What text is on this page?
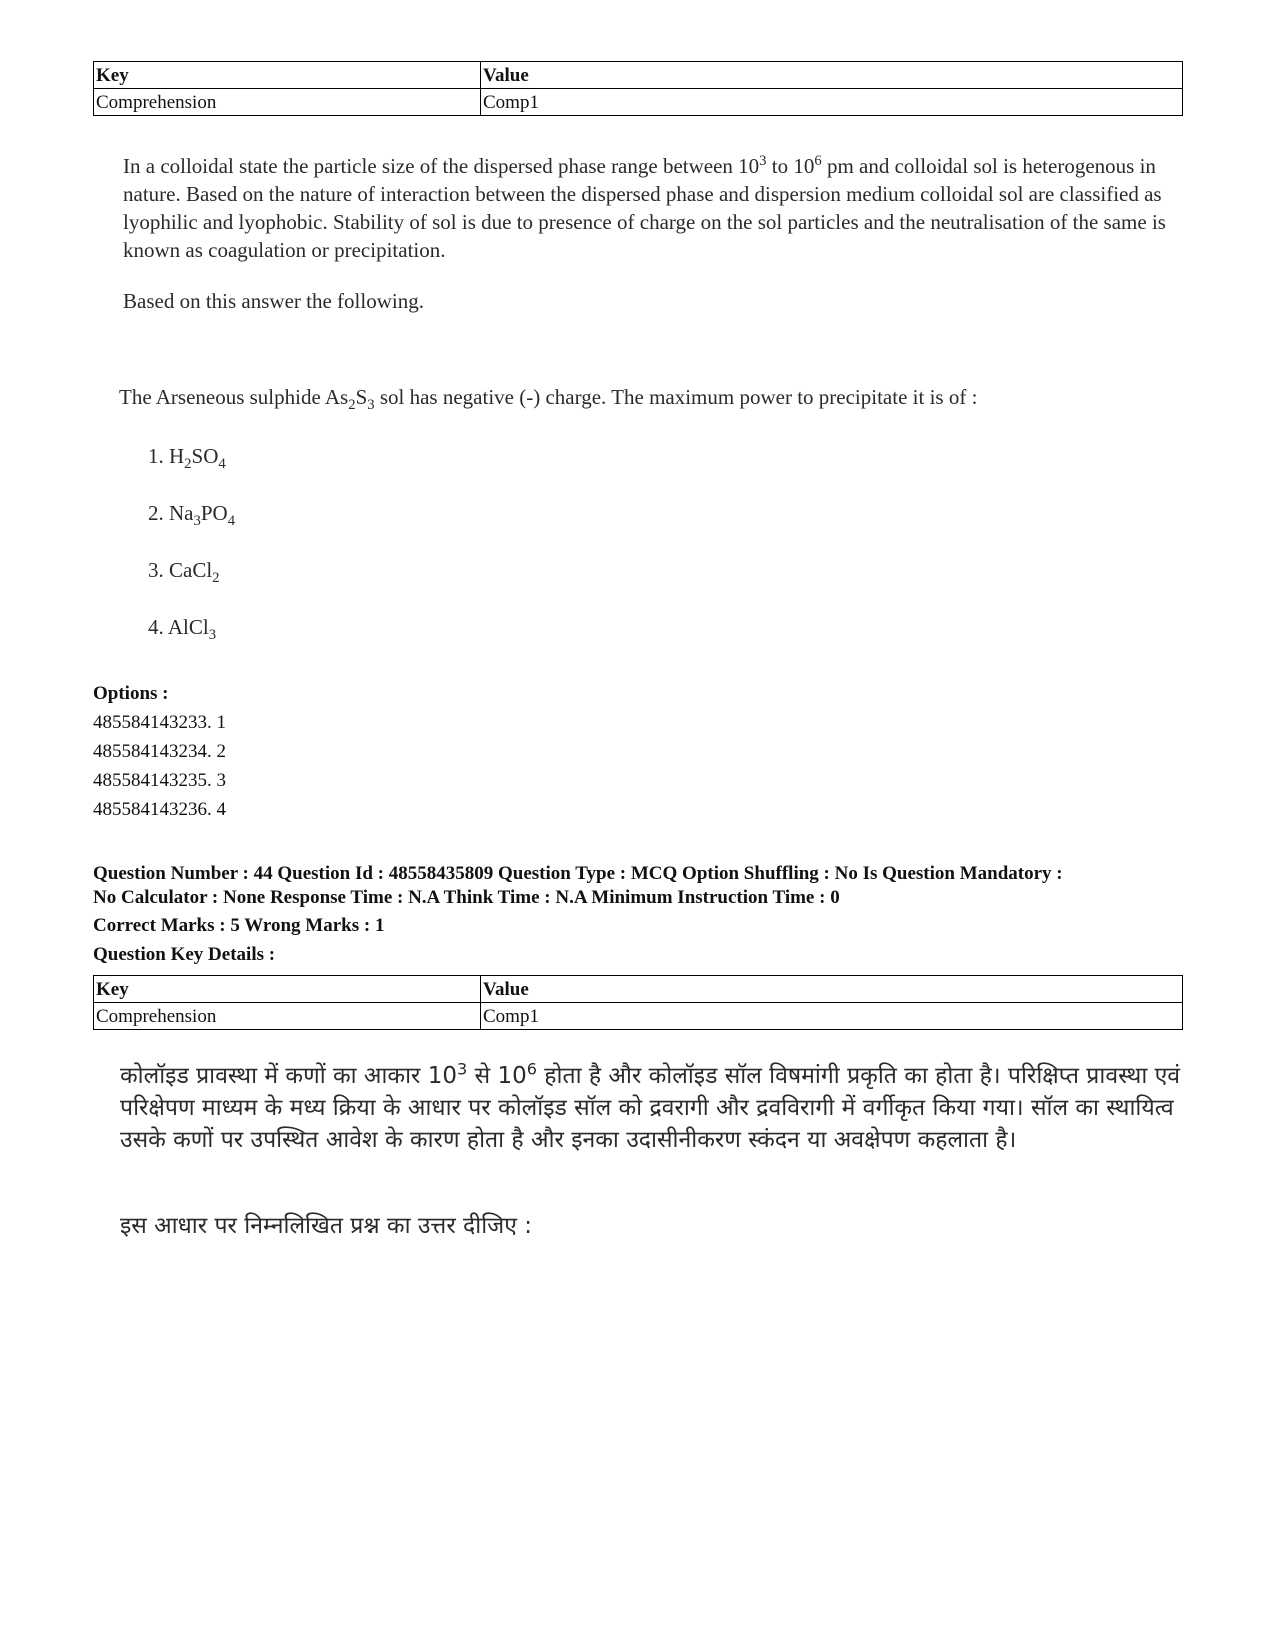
Key	Value
Comprehension	Comp1

In a colloidal state the particle size of the dispersed phase range between $10^3$ to $10^6$ pm and colloidal sol is heterogenous in nature. Based on the nature of interaction between the dispersed phase and dispersion medium colloidal sol are classified as lyophilic and lyophobic. Stability of sol is due to presence of charge on the sol particles and the neutralisation of the same is known as coagulation or precipitation.

Based on this answer the following.

The Arseneous sulphide $As_2S_3$ sol has negative (-) charge. The maximum power to precipitate it is of :

1. $H_2SO_4$

2. $Na_3PO_4$

3. CaCl$_2$

4. AlCl$_3$

Options :
485584143233. 1
485584143234. 2
485584143235. 3
485584143236. 4
Question Number : 44 Question Id : 48558435809 Question Type : MCQ Option Shuffling : No Is Question Mandatory :
No Calculator : None Response Time : N.A Think Time : N.A Minimum Instruction Time : 0
Correct Marks : 5 Wrong Marks : 1
Question Key Details :
Key	Value
Comprehension	Comp1

कोलॉइड प्रावस्था में कणों का आकार $10^3$ से $10^6$ होता है और कोलॉइड सॉल विषमांगी प्रकृति का होता है। परिक्षिप्त प्रावस्था एवं परिक्षेपण माध्यम के मध्य क्रिया के आधार पर कोलॉइड सॉल को द्रवरागी और द्रवविरागी में वर्गीकृत किया गया। सॉल का स्थायित्व उसके कणों पर उपस्थित आवेश के कारण होता है और इनका उदासीनीकरण स्कंदन या अवक्षेपण कहलाता है।

इस आधार पर निम्नलिखित प्रश्न का उत्तर दीजिए :
